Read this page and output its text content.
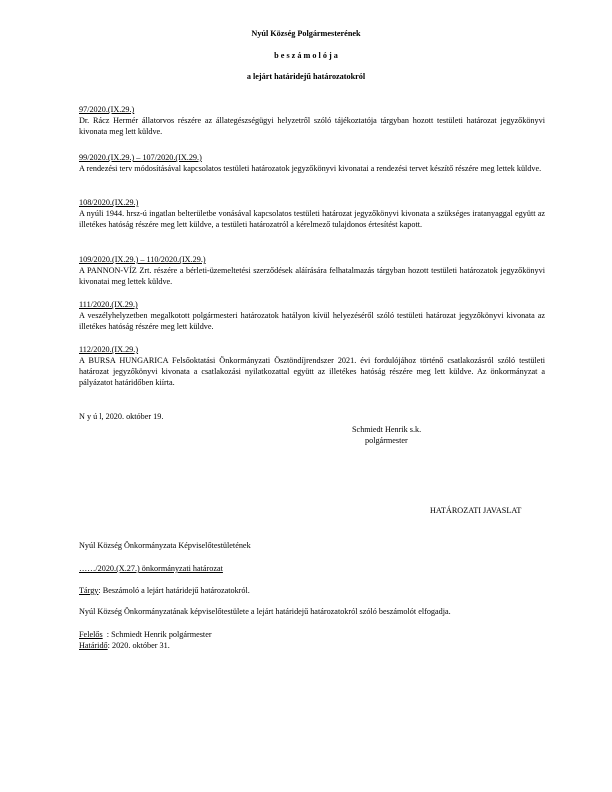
Nyúl Község Polgármesterének
b e s z á m o l ó j a
a lejárt határidejű határozatokról
97/2020.(IX.29.)
Dr. Rácz Hermér állatorvos részére az állategészségügyi helyzetről szóló tájékoztatója tárgyban hozott testületi határozat jegyzőkönyvi kivonata meg lett küldve.
99/2020.(IX.29.) – 107/2020.(IX.29.)
A rendezési terv módosításával kapcsolatos testületi határozatok jegyzőkönyvi kivonatai a rendezési tervet készítő részére meg lettek küldve.
108/2020.(IX.29.)
A nyúli 1944. hrsz-ú ingatlan belterületbe vonásával kapcsolatos testületi határozat jegyzőkönyvi kivonata a szükséges iratanyaggal együtt az illetékes hatóság részére meg lett küldve, a testületi határozatról a kérelmező tulajdonos értesítést kapott.
109/2020.(IX.29.) – 110/2020.(IX.29.)
A PANNON-VÍZ Zrt. részére a bérleti-üzemeltetési szerződések aláírására felhatalmazás tárgyban hozott testületi határozatok jegyzőkönyvi kivonatai meg lettek küldve.
111/2020.(IX.29.)
A veszélyhelyzetben megalkotott polgármesteri határozatok hatályon kívül helyezéséről szóló testületi határozat jegyzőkönyvi kivonata az illetékes hatóság részére meg lett küldve.
112/2020.(IX.29.)
A BURSA HUNGARICA Felsőoktatási Önkormányzati Ösztöndíjrendszer 2021. évi fordulójához történő csatlakozásról szóló testületi határozat jegyzőkönyvi kivonata a csatlakozási nyilatkozattal együtt az illetékes hatóság részére meg lett küldve. Az önkormányzat a pályázatot határidőben kiírta.
N y ú l, 2020. október 19.
Schmiedt Henrik s.k.
polgármester
HATÁROZATI JAVASLAT
Nyúl Község Önkormányzata Képviselőtestületének
……/2020.(X.27.) önkormányzati határozat
Tárgy: Beszámoló a lejárt határidejű határozatokról.
Nyúl Község Önkormányzatának képviselőtestülete a lejárt határidejű határozatokról szóló beszámolót elfogadja.
Felelős  : Schmiedt Henrik polgármester
Határidő: 2020. október 31.
